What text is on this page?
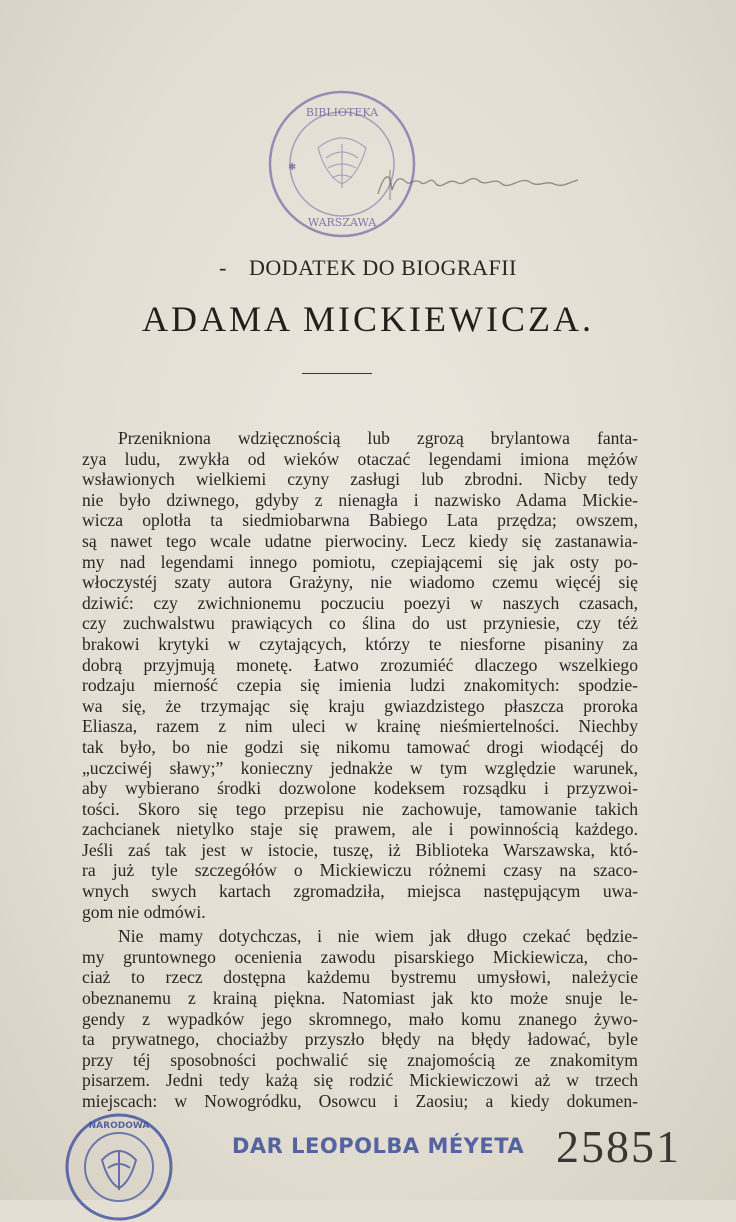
BIBLIOTEKA
WARSZAWA
✱
- DODATEK DO BIOGRAFII
ADAMA MICKIEWICZA.
Przenikniona wdzięcznością lub zgrozą brylantowa fanta-
zya ludu, zwykła od wieków otaczać legendami imiona mężów
wsławionych wielkiemi czyny zasługi lub zbrodni. Nicby tedy
nie było dziwnego, gdyby z nienagła i nazwisko Adama Mickie-
wicza oplotła ta siedmiobarwna Babiego Lata przędza; owszem,
są nawet tego wcale udatne pierwociny. Lecz kiedy się zastanawia-
my nad legendami innego pomiotu, czepiającemi się jak osty po-
włoczystéj szaty autora Grażyny, nie wiadomo czemu więcéj się
dziwić: czy zwichnionemu poczuciu poezyi w naszych czasach,
czy zuchwalstwu prawiących co ślina do ust przyniesie, czy téż
brakowi krytyki w czytających, którzy te niesforne pisaniny za
dobrą przyjmują monetę. Łatwo zrozumiéć dlaczego wszelkiego
rodzaju mierność czepia się imienia ludzi znakomitych: spodzie-
wa się, że trzymając się kraju gwiazdzistego płaszcza proroka
Eliasza, razem z nim uleci w krainę nieśmiertelności. Niechby
tak było, bo nie godzi się nikomu tamować drogi wiodącéj do
„uczciwéj sławy;” konieczny jednakże w tym względzie warunek,
aby wybierano środki dozwolone kodeksem rozsądku i przyzwoi-
tości. Skoro się tego przepisu nie zachowuje, tamowanie takich
zachcianek nietylko staje się prawem, ale i powinnością każdego.
Jeśli zaś tak jest w istocie, tuszę, iż Biblioteka Warszawska, któ-
ra już tyle szczegółów o Mickiewiczu różnemi czasy na szaco-
wnych swych kartach zgromadziła, miejsca następującym uwa-
gom nie odmówi.
Nie mamy dotychczas, i nie wiem jak długo czekać będzie-
my gruntownego ocenienia zawodu pisarskiego Mickiewicza, cho-
ciaż to rzecz dostępna każdemu bystremu umysłowi, należycie
obeznanemu z krainą piękna. Natomiast jak kto może snuje le-
gendy z wypadków jego skromnego, mało komu znanego żywo-
ta prywatnego, chociażby przyszło błędy na błędy ładować, byle
przy téj sposobności pochwalić się znajomością ze znakomitym
pisarzem. Jedni tedy każą się rodzić Mickiewiczowi aż w trzech
miejscach: w Nowogródku, Osowcu i Zaosiu; a kiedy dokumen-
NARODOWA
DAR LEOPOLBA MÉYETA 25851
